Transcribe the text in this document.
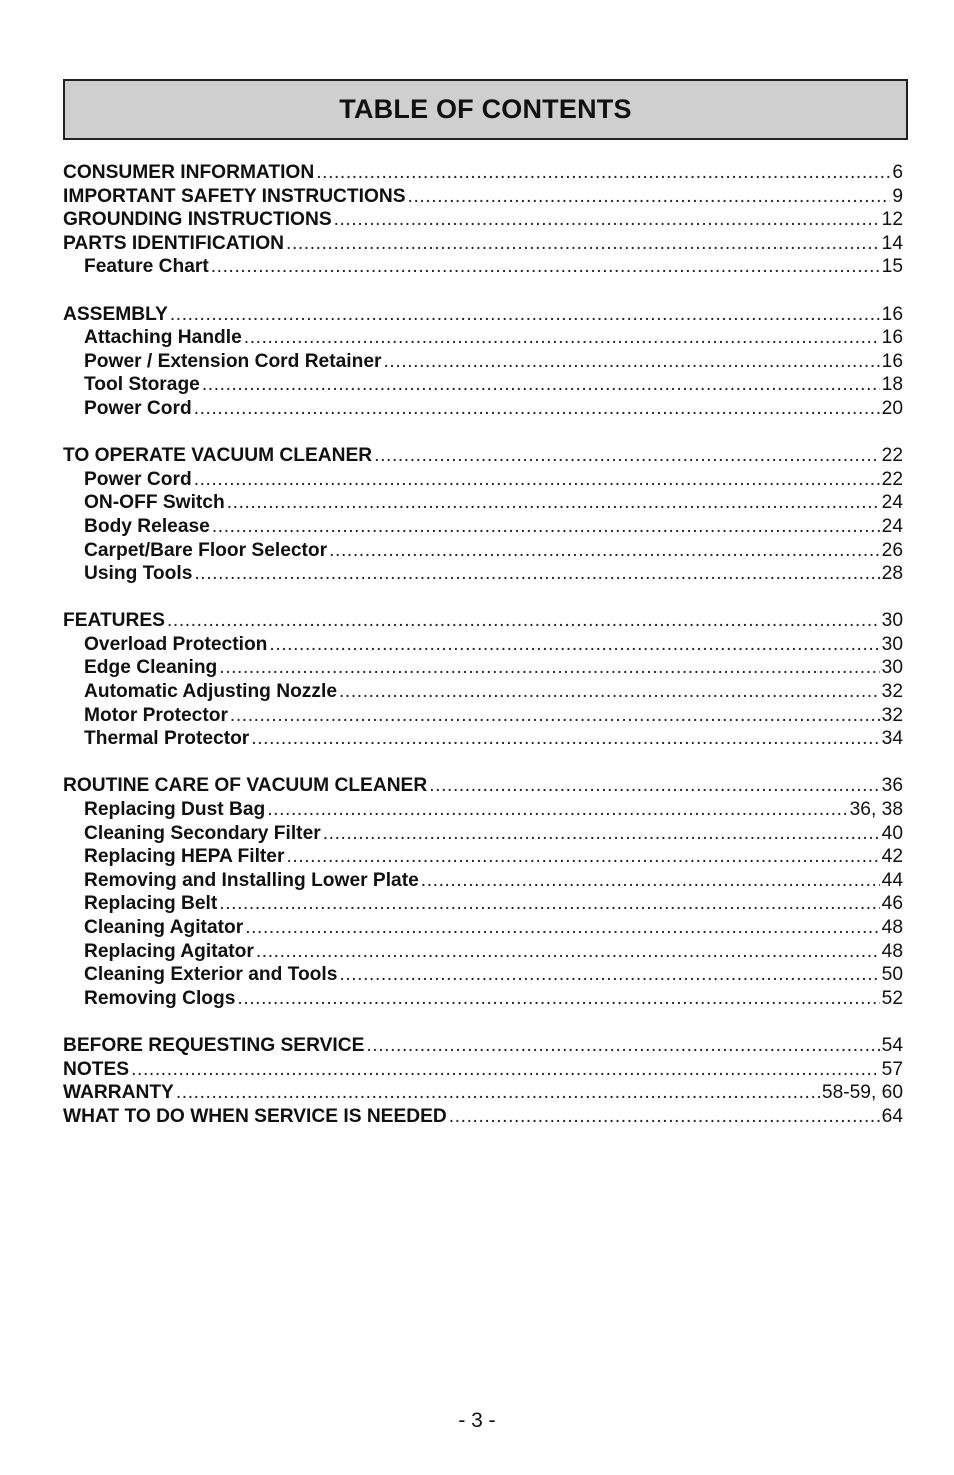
TABLE OF CONTENTS
CONSUMER INFORMATION .....	6
IMPORTANT SAFETY INSTRUCTIONS .....	9
GROUNDING INSTRUCTIONS .....	12
PARTS IDENTIFICATION .....	14
Feature Chart .....	15
ASSEMBLY .....	16
Attaching Handle .....	16
Power / Extension Cord Retainer .....	16
Tool Storage .....	18
Power Cord .....	20
TO OPERATE VACUUM CLEANER .....	22
Power Cord .....	22
ON-OFF Switch .....	24
Body Release .....	24
Carpet/Bare Floor Selector .....	26
Using Tools .....	28
FEATURES .....	30
Overload Protection .....	30
Edge Cleaning .....	30
Automatic Adjusting Nozzle .....	32
Motor Protector .....	32
Thermal Protector .....	34
ROUTINE CARE OF VACUUM CLEANER .....	36
Replacing Dust Bag .....	36, 38
Cleaning Secondary Filter .....	40
Replacing HEPA Filter .....	42
Removing and Installing Lower Plate .....	44
Replacing Belt .....	46
Cleaning Agitator .....	48
Replacing Agitator .....	48
Cleaning Exterior and Tools .....	50
Removing Clogs .....	52
BEFORE REQUESTING SERVICE .....	54
NOTES .....	57
WARRANTY .....	58-59, 60
WHAT TO DO WHEN SERVICE IS NEEDED .....	64
- 3 -
